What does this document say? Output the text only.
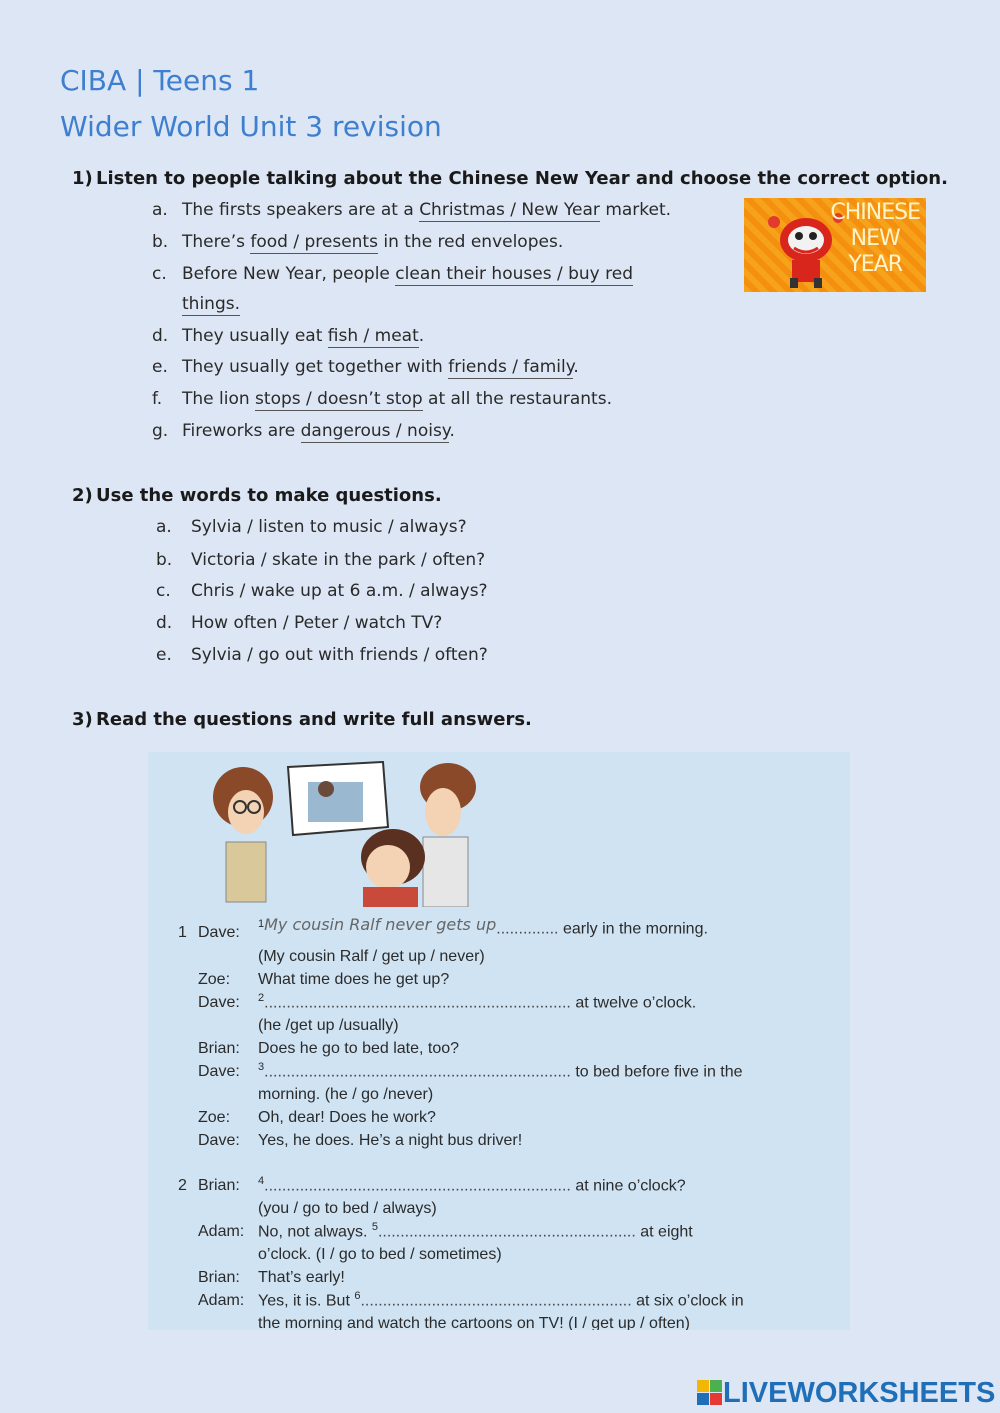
CIBA | Teens 1
Wider World Unit 3 revision
1) Listen to people talking about the Chinese New Year and choose the correct option.
a. The firsts speakers are at a Christmas / New Year market.
b. There’s food / presents in the red envelopes.
c. Before New Year, people clean their houses / buy red
things.
d. They usually eat fish / meat.
e. They usually get together with friends / family.
f. The lion stops / doesn’t stop at all the restaurants.
g. Fireworks are dangerous / noisy.
CHINESE
NEW
YEAR
2) Use the words to make questions.
a. Sylvia / listen to music / always?
b. Victoria / skate in the park / often?
c. Chris / wake up at 6 a.m. / always?
d. How often / Peter / watch TV?
e. Sylvia / go out with friends / often?
3) Read the questions and write full answers.
1 Dave: $^1$My cousin Ralf never gets up.............. early in the morning.
(My cousin Ralf / get up / never)
Zoe: What time does he get up?
Dave: $^2$..................................................................... at twelve o’clock.
(he /get up /usually)
Brian: Does he go to bed late, too?
Dave: $^3$..................................................................... to bed before five in the
morning. (he / go /never)
Zoe: Oh, dear! Does he work?
Dave: Yes, he does. He’s a night bus driver!
2 Brian: $^4$..................................................................... at nine o’clock?
(you / go to bed / always)
Adam: No, not always. $^5$.......................................................... at eight
o’clock. (I / go to bed / sometimes)
Brian: That’s early!
Adam: Yes, it is. But $^6$............................................................. at six o’clock in
the morning and watch the cartoons on TV! (I / get up / often)
LIVEWORKSHEETS
